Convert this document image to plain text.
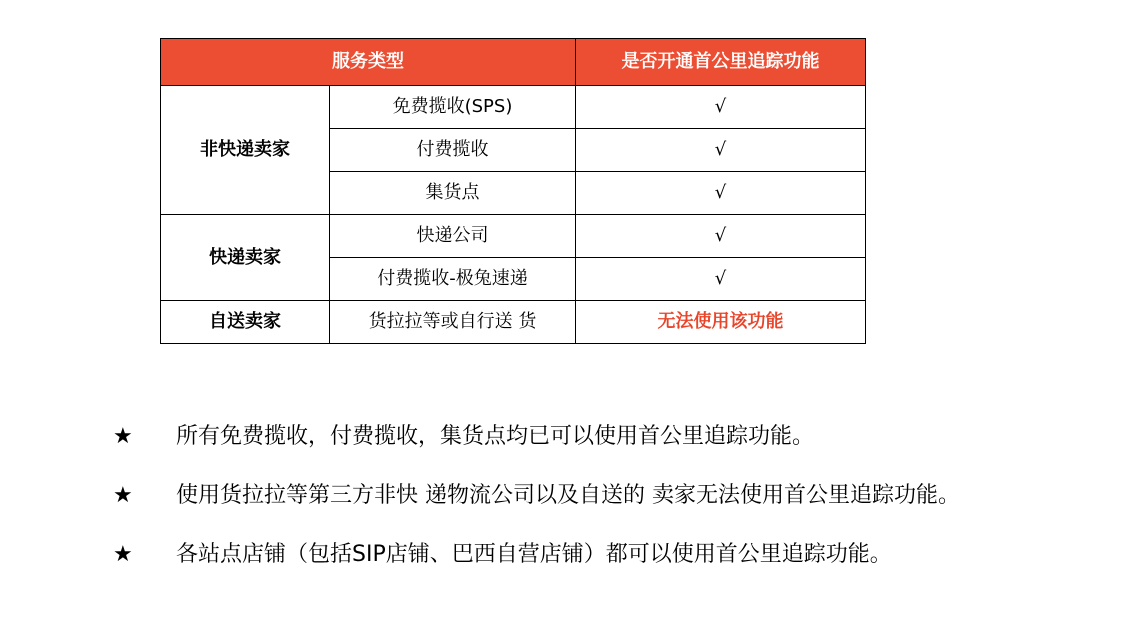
服务类型		是否开通首公里追踪功能
非快递卖家	免费揽收(SPS)	√
	付费揽收	√
	集货点	√
快递卖家	快递公司	√
	付费揽收-极兔速递	√
自送卖家	货拉拉等或自行送 货	无法使用该功能
★ 所有免费揽收，付费揽收，集货点均已可以使用首公里追踪功能。
★ 使用货拉拉等第三方非快 递物流公司以及自送的 卖家无法使用首公里追踪功能。
★ 各站点店铺（包括SIP店铺、巴西自营店铺）都可以使用首公里追踪功能。
